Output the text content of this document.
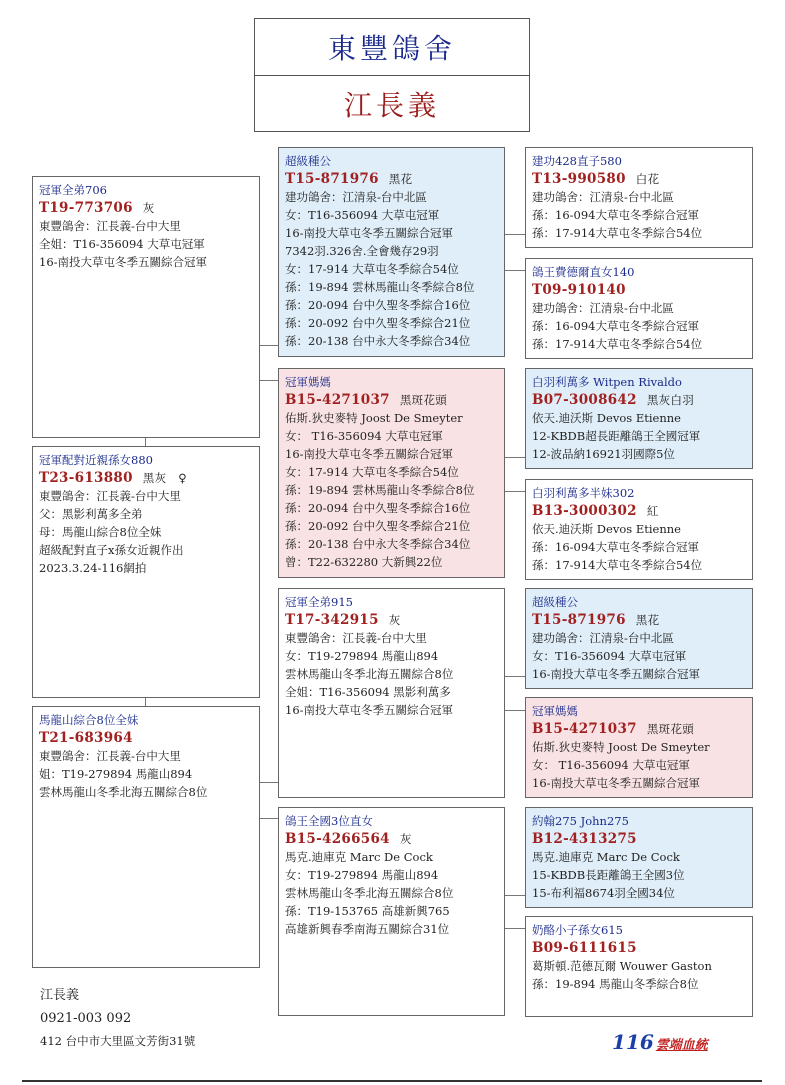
東豐鴿舍
江長義
冠軍全弟706
T19-773706 灰
東豐鴿舍：江長義-台中大里
全姐：T16-356094 大草屯冠軍
16-南投大草屯冬季五關綜合冠軍
冠軍配對近親孫女880
T23-613880 黑灰　♀
東豐鴿舍：江長義-台中大里
父：黑影利萬多全弟
母：馬龍山綜合8位全妹
超級配對直子x孫女近親作出
2023.3.24-116網拍
馬龍山綜合8位全妹
T21-683964
東豐鴿舍：江長義-台中大里
姐：T19-279894 馬龍山894
雲林馬龍山冬季北海五關綜合8位
超級種公
T15-871976 黑花
建功鴿舍：江清泉-台中北區
女：T16-356094 大草屯冠軍
16-南投大草屯冬季五關綜合冠軍
7342羽.326舍.全會幾存29羽
女：17-914 大草屯冬季綜合54位
孫：19-894 雲林馬龍山冬季綜合8位
孫：20-094 台中久聖冬季綜合16位
孫：20-092 台中久聖冬季綜合21位
孫：20-138 台中永大冬季綜合34位
冠軍媽媽
B15-4271037 黑斑花頭
佑斯.狄史麥特 Joost De Smeyter
女： T16-356094 大草屯冠軍
16-南投大草屯冬季五關綜合冠軍
女：17-914 大草屯冬季綜合54位
孫：19-894 雲林馬龍山冬季綜合8位
孫：20-094 台中久聖冬季綜合16位
孫：20-092 台中久聖冬季綜合21位
孫：20-138 台中永大冬季綜合34位
曾：T22-632280 大新興22位
冠軍全弟915
T17-342915 灰
東豐鴿舍：江長義-台中大里
女：T19-279894 馬龍山894
雲林馬龍山冬季北海五關綜合8位
全姐：T16-356094 黑影利萬多
16-南投大草屯冬季五關綜合冠軍
鴿王全國3位直女
B15-4266564 灰
馬克.迪庫克 Marc De Cock
女：T19-279894 馬龍山894
雲林馬龍山冬季北海五關綜合8位
孫：T19-153765 高雄新興765
高雄新興春季南海五關綜合31位
建功428直子580
T13-990580 白花
建功鴿舍：江清泉-台中北區
孫：16-094大草屯冬季綜合冠軍
孫：17-914大草屯冬季綜合54位
鴿王費德爾直女140
T09-910140
建功鴿舍：江清泉-台中北區
孫：16-094大草屯冬季綜合冠軍
孫：17-914大草屯冬季綜合54位
白羽利萬多 Witpen Rivaldo
B07-3008642 黑灰白羽
依天.迪沃斯 Devos Etienne
12-KBDB超長距離鴿王全國冠軍
12-波品納16921羽國際5位
白羽利萬多半妹302
B13-3000302 紅
依天.迪沃斯 Devos Etienne
孫：16-094大草屯冬季綜合冠軍
孫：17-914大草屯冬季綜合54位
超級種公
T15-871976 黑花
建功鴿舍：江清泉-台中北區
女：T16-356094 大草屯冠軍
16-南投大草屯冬季五關綜合冠軍
冠軍媽媽
B15-4271037 黑斑花頭
佑斯.狄史麥特 Joost De Smeyter
女： T16-356094 大草屯冠軍
16-南投大草屯冬季五關綜合冠軍
約翰275 John275
B12-4313275
馬克.迪庫克 Marc De Cock
15-KBDB長距離鴿王全國3位
15-布利福8674羽全國34位
奶酪小子孫女615
B09-6111615
葛斯頓.范德瓦爾 Wouwer Gaston
孫：19-894 馬龍山冬季綜合8位
江長義
0921-003 092
412 台中市大里區文芳街31號	116 雲端血統
